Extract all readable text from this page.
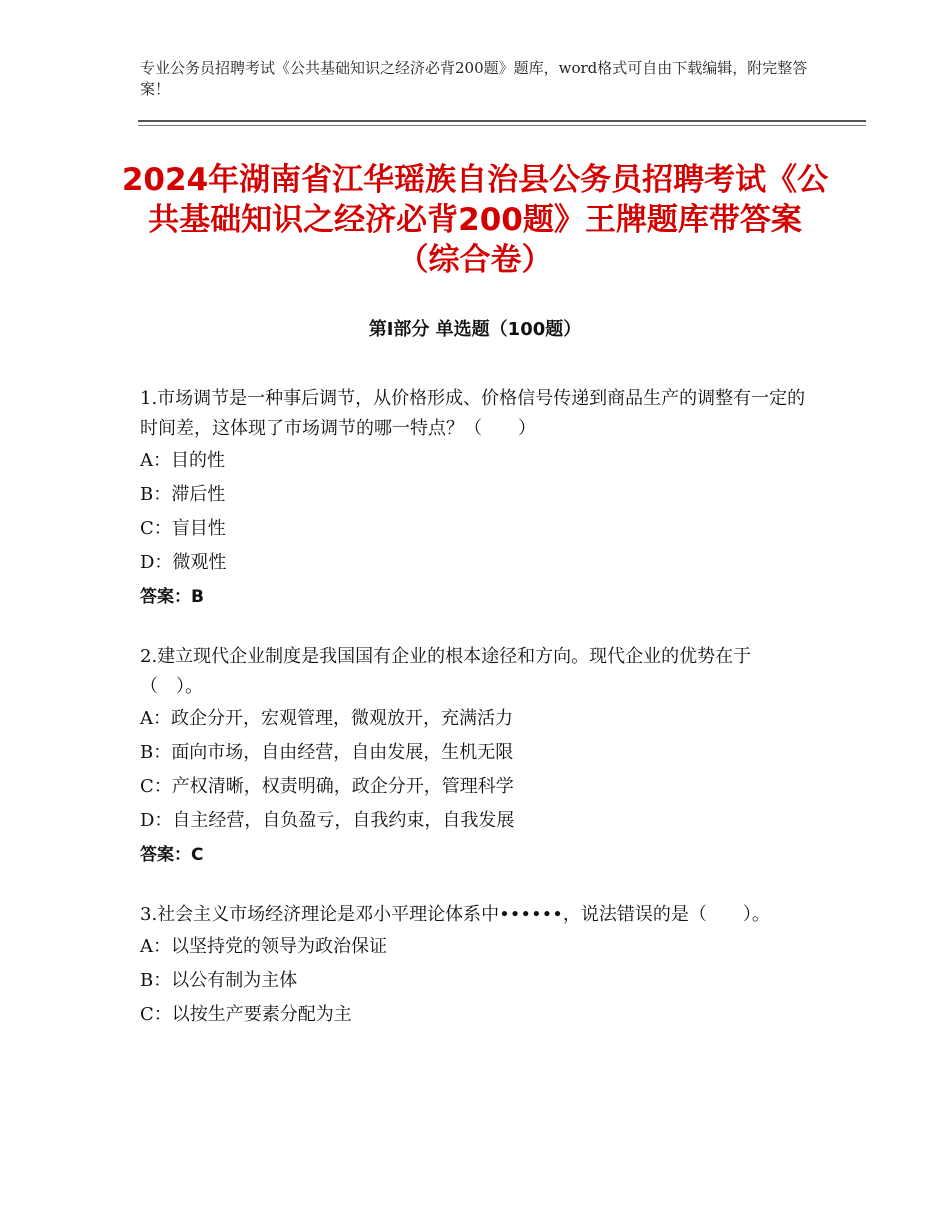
专业公务员招聘考试《公共基础知识之经济必背200题》题库，word格式可自由下载编辑，附完整答案！
2024年湖南省江华瑶族自治县公务员招聘考试《公共基础知识之经济必背200题》王牌题库带答案（综合卷）
第Ⅰ部分 单选题（100题）

1.市场调节是一种事后调节，从价格形成、价格信号传递到商品生产的调整有一定的时间差，这体现了市场调节的哪一特点？（　　）

A：目的性

B：滞后性

C：盲目性

D：微观性

答案：B

2.建立现代企业制度是我国国有企业的根本途径和方向。现代企业的优势在于（　）。

A：政企分开，宏观管理，微观放开，充满活力

B：面向市场，自由经营，自由发展，生机无限

C：产权清晰，权责明确，政企分开，管理科学

D：自主经营，自负盈亏，自我约束，自我发展

答案：C

3.社会主义市场经济理论是邓小平理论体系中••••••，说法错误的是（　　）。

A：以坚持党的领导为政治保证

B：以公有制为主体

C：以按生产要素分配为主
